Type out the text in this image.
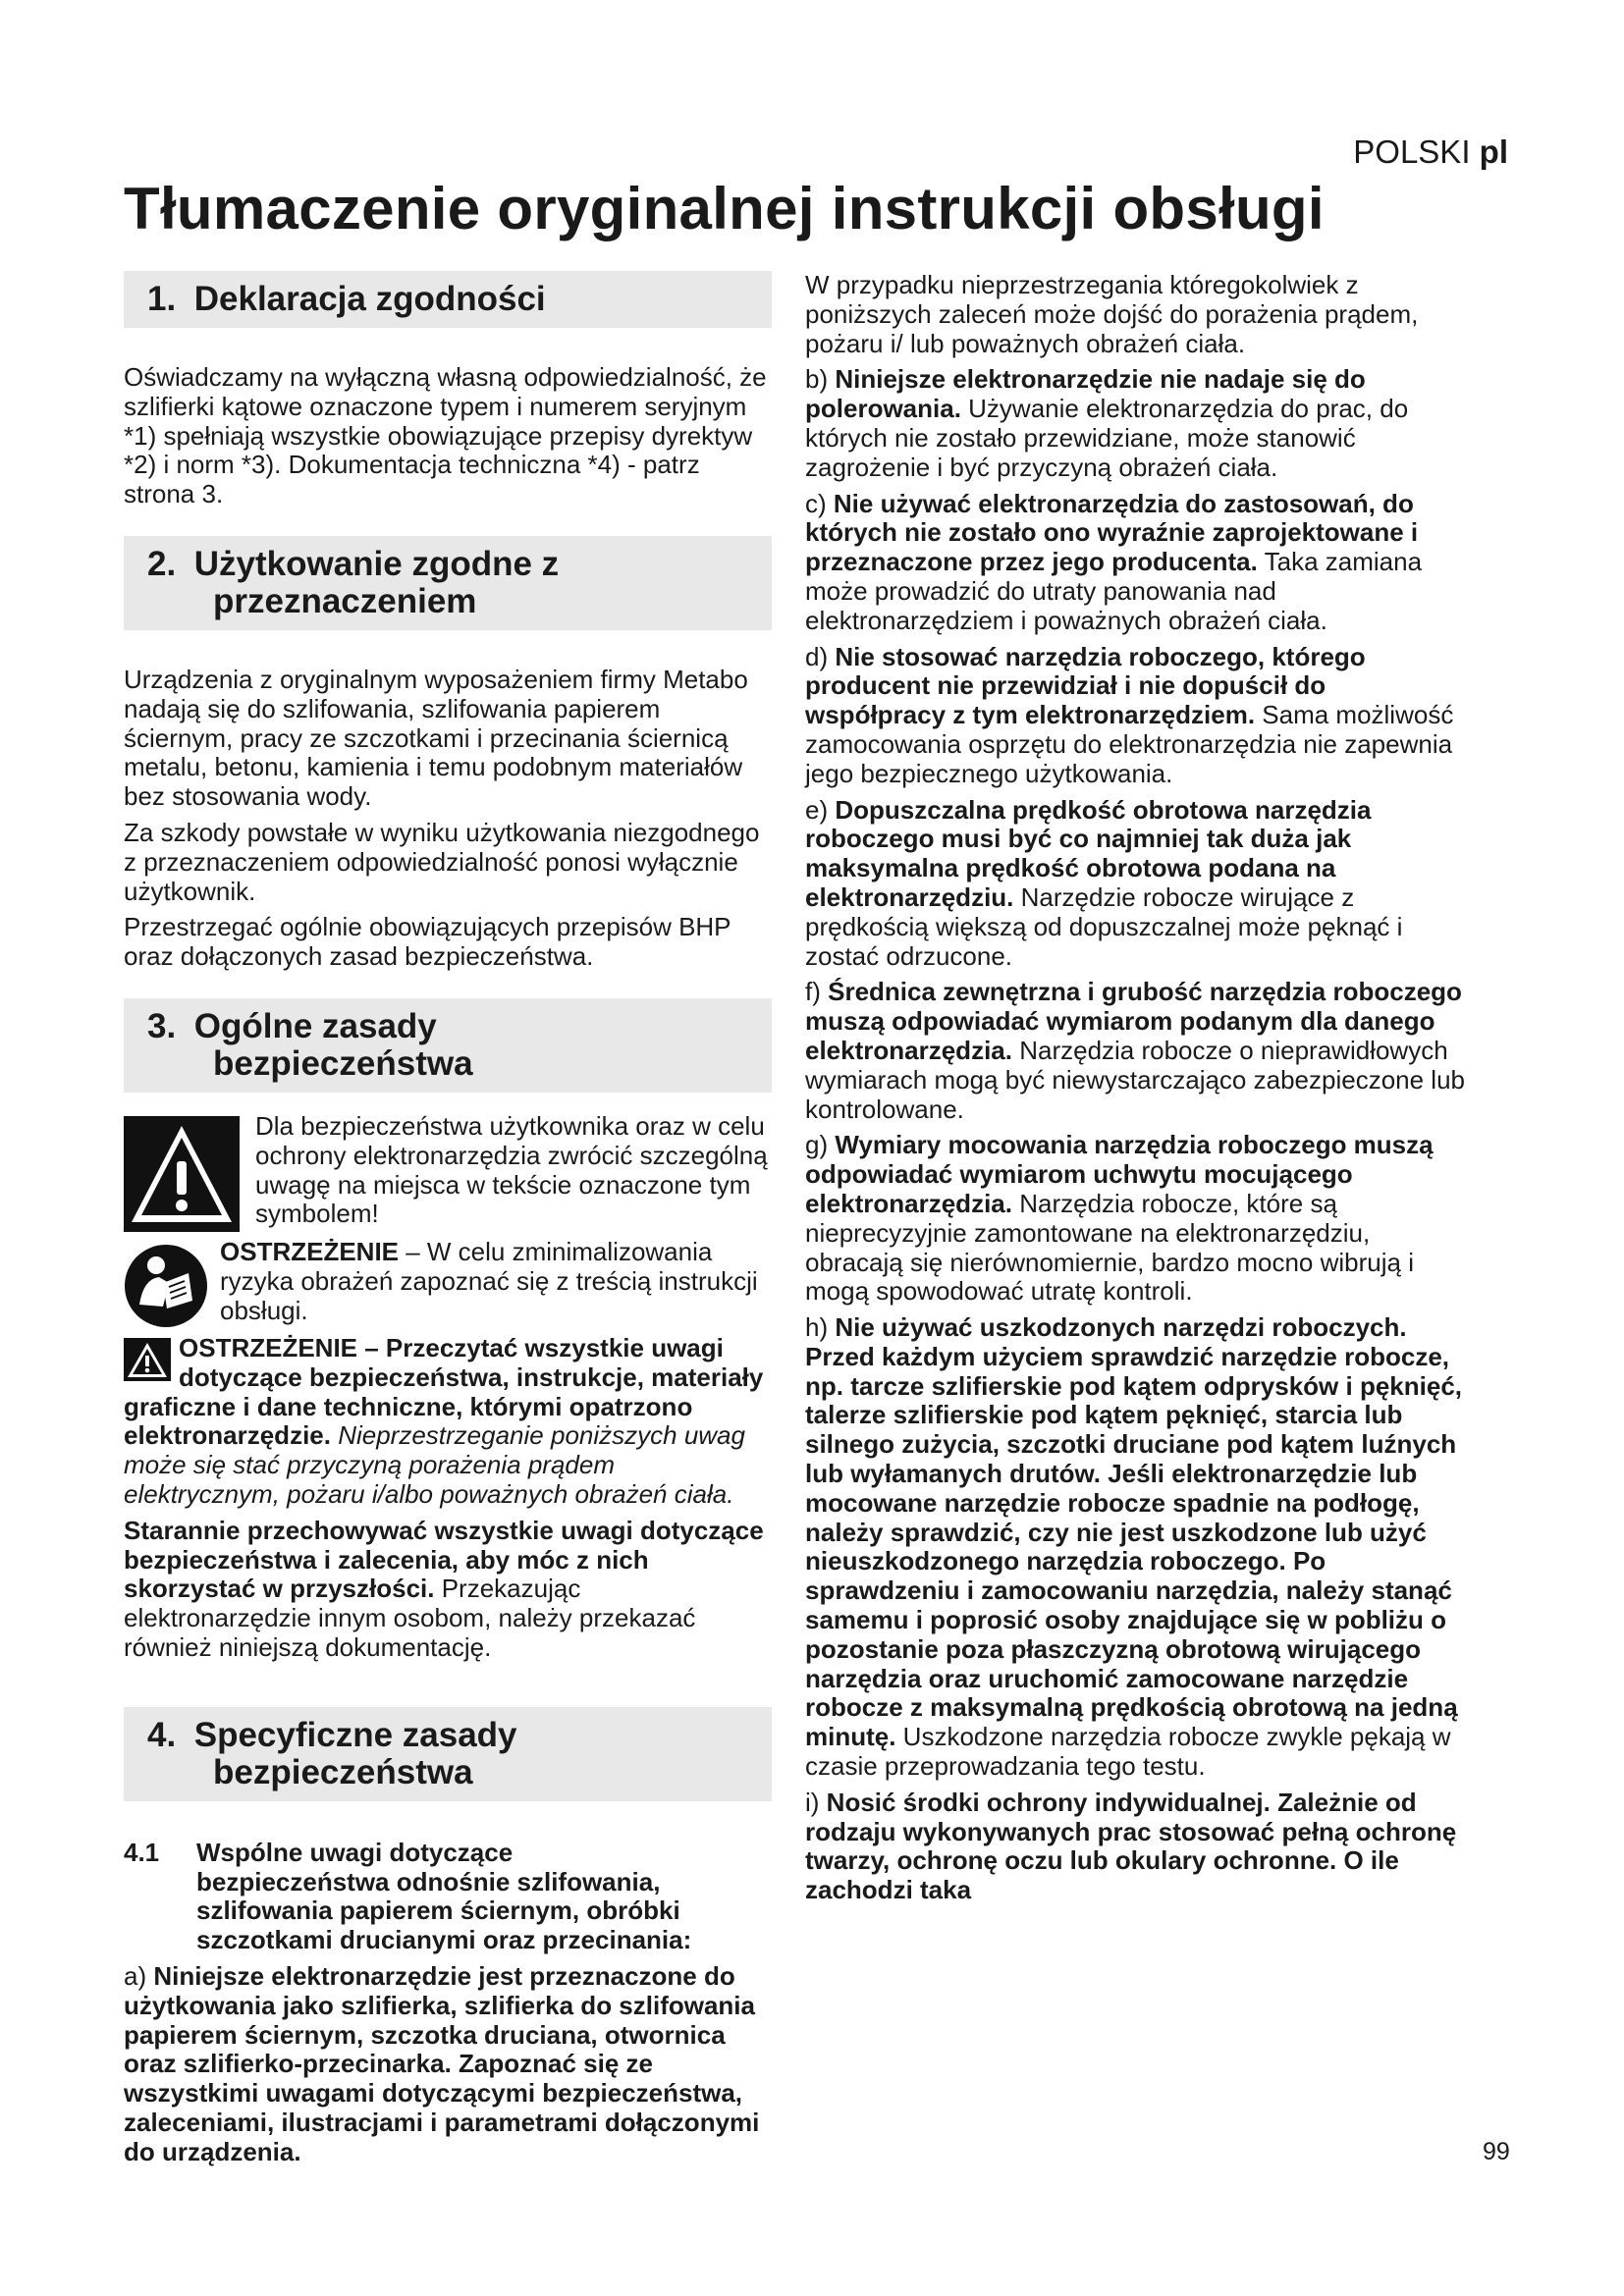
POLSKI pl
Tłumaczenie oryginalnej instrukcji obsługi
1. Deklaracja zgodności

Oświadczamy na wyłączną własną odpowiedzialność, że szlifierki kątowe oznaczone typem i numerem seryjnym *1) spełniają wszystkie obowiązujące przepisy dyrektyw *2) i norm *3). Dokumentacja techniczna *4) - patrz strona 3.

2. Użytkowanie zgodne z
przeznaczeniem

Urządzenia z oryginalnym wyposażeniem firmy Metabo nadają się do szlifowania, szlifowania papierem ściernym, pracy ze szczotkami i przecinania ściernicą metalu, betonu, kamienia i temu podobnym materiałów bez stosowania wody.

Za szkody powstałe w wyniku użytkowania niezgodnego z przeznaczeniem odpowiedzialność ponosi wyłącznie użytkownik.

Przestrzegać ogólnie obowiązujących przepisów BHP oraz dołączonych zasad bezpieczeństwa.

3. Ogólne zasady
bezpieczeństwa
Dla bezpieczeństwa użytkownika oraz w celu ochrony elektronarzędzia zwrócić szczególną uwagę na miejsca w tekście oznaczone tym symbolem!
OSTRZEŻENIE – W celu zminimalizowania ryzyka obrażeń zapoznać się z treścią instrukcji obsługi.

OSTRZEŻENIE – Przeczytać wszystkie uwagi dotyczące bezpieczeństwa, instrukcje, materiały graficzne i dane techniczne, którymi opatrzono elektronarzędzie. Nieprzestrzeganie poniższych uwag może się stać przyczyną porażenia prądem elektrycznym, pożaru i/albo poważnych obrażeń ciała.

Starannie przechowywać wszystkie uwagi dotyczące bezpieczeństwa i zalecenia, aby móc z nich skorzystać w przyszłości. Przekazując elektronarzędzie innym osobom, należy przekazać również niniejszą dokumentację.

4. Specyficzne zasady
bezpieczeństwa
4.1 Wspólne uwagi dotyczące
bezpieczeństwa odnośnie szlifowania, szlifowania papierem ściernym, obróbki szczotkami drucianymi oraz przecinania:

a) Niniejsze elektronarzędzie jest przeznaczone do użytkowania jako szlifierka, szlifierka do szlifowania papierem ściernym, szczotka druciana, otwornica oraz szlifierko-przecinarka. Zapoznać się ze wszystkimi uwagami dotyczącymi bezpieczeństwa, zaleceniami, ilustracjami i parametrami dołączonymi do urządzenia.

W przypadku nieprzestrzegania któregokolwiek z poniższych zaleceń może dojść do porażenia prądem, pożaru i/ lub poważnych obrażeń ciała.

b) Niniejsze elektronarzędzie nie nadaje się do polerowania. Używanie elektronarzędzia do prac, do których nie zostało przewidziane, może stanowić zagrożenie i być przyczyną obrażeń ciała.

c) Nie używać elektronarzędzia do zastosowań, do których nie zostało ono wyraźnie zaprojektowane i przeznaczone przez jego producenta. Taka zamiana może prowadzić do utraty panowania nad elektronarzędziem i poważnych obrażeń ciała.

d) Nie stosować narzędzia roboczego, którego producent nie przewidział i nie dopuścił do współpracy z tym elektronarzędziem. Sama możliwość zamocowania osprzętu do elektronarzędzia nie zapewnia jego bezpiecznego użytkowania.

e) Dopuszczalna prędkość obrotowa narzędzia roboczego musi być co najmniej tak duża jak maksymalna prędkość obrotowa podana na elektronarzędziu. Narzędzie robocze wirujące z prędkością większą od dopuszczalnej może pęknąć i zostać odrzucone.

f) Średnica zewnętrzna i grubość narzędzia roboczego muszą odpowiadać wymiarom podanym dla danego elektronarzędzia. Narzędzia robocze o nieprawidłowych wymiarach mogą być niewystarczająco zabezpieczone lub kontrolowane.

g) Wymiary mocowania narzędzia roboczego muszą odpowiadać wymiarom uchwytu mocującego elektronarzędzia. Narzędzia robocze, które są nieprecyzyjnie zamontowane na elektronarzędziu, obracają się nierównomiernie, bardzo mocno wibrują i mogą spowodować utratę kontroli.

h) Nie używać uszkodzonych narzędzi roboczych. Przed każdym użyciem sprawdzić narzędzie robocze, np. tarcze szlifierskie pod kątem odprysków i pęknięć, talerze szlifierskie pod kątem pęknięć, starcia lub silnego zużycia, szczotki druciane pod kątem luźnych lub wyłamanych drutów. Jeśli elektronarzędzie lub mocowane narzędzie robocze spadnie na podłogę, należy sprawdzić, czy nie jest uszkodzone lub użyć nieuszkodzonego narzędzia roboczego. Po sprawdzeniu i zamocowaniu narzędzia, należy stanąć samemu i poprosić osoby znajdujące się w pobliżu o pozostanie poza płaszczyzną obrotową wirującego narzędzia oraz uruchomić zamocowane narzędzie robocze z maksymalną prędkością obrotową na jedną minutę. Uszkodzone narzędzia robocze zwykle pękają w czasie przeprowadzania tego testu.

i) Nosić środki ochrony indywidualnej. Zależnie od rodzaju wykonywanych prac stosować pełną ochronę twarzy, ochronę oczu lub okulary ochronne. O ile zachodzi taka

99
